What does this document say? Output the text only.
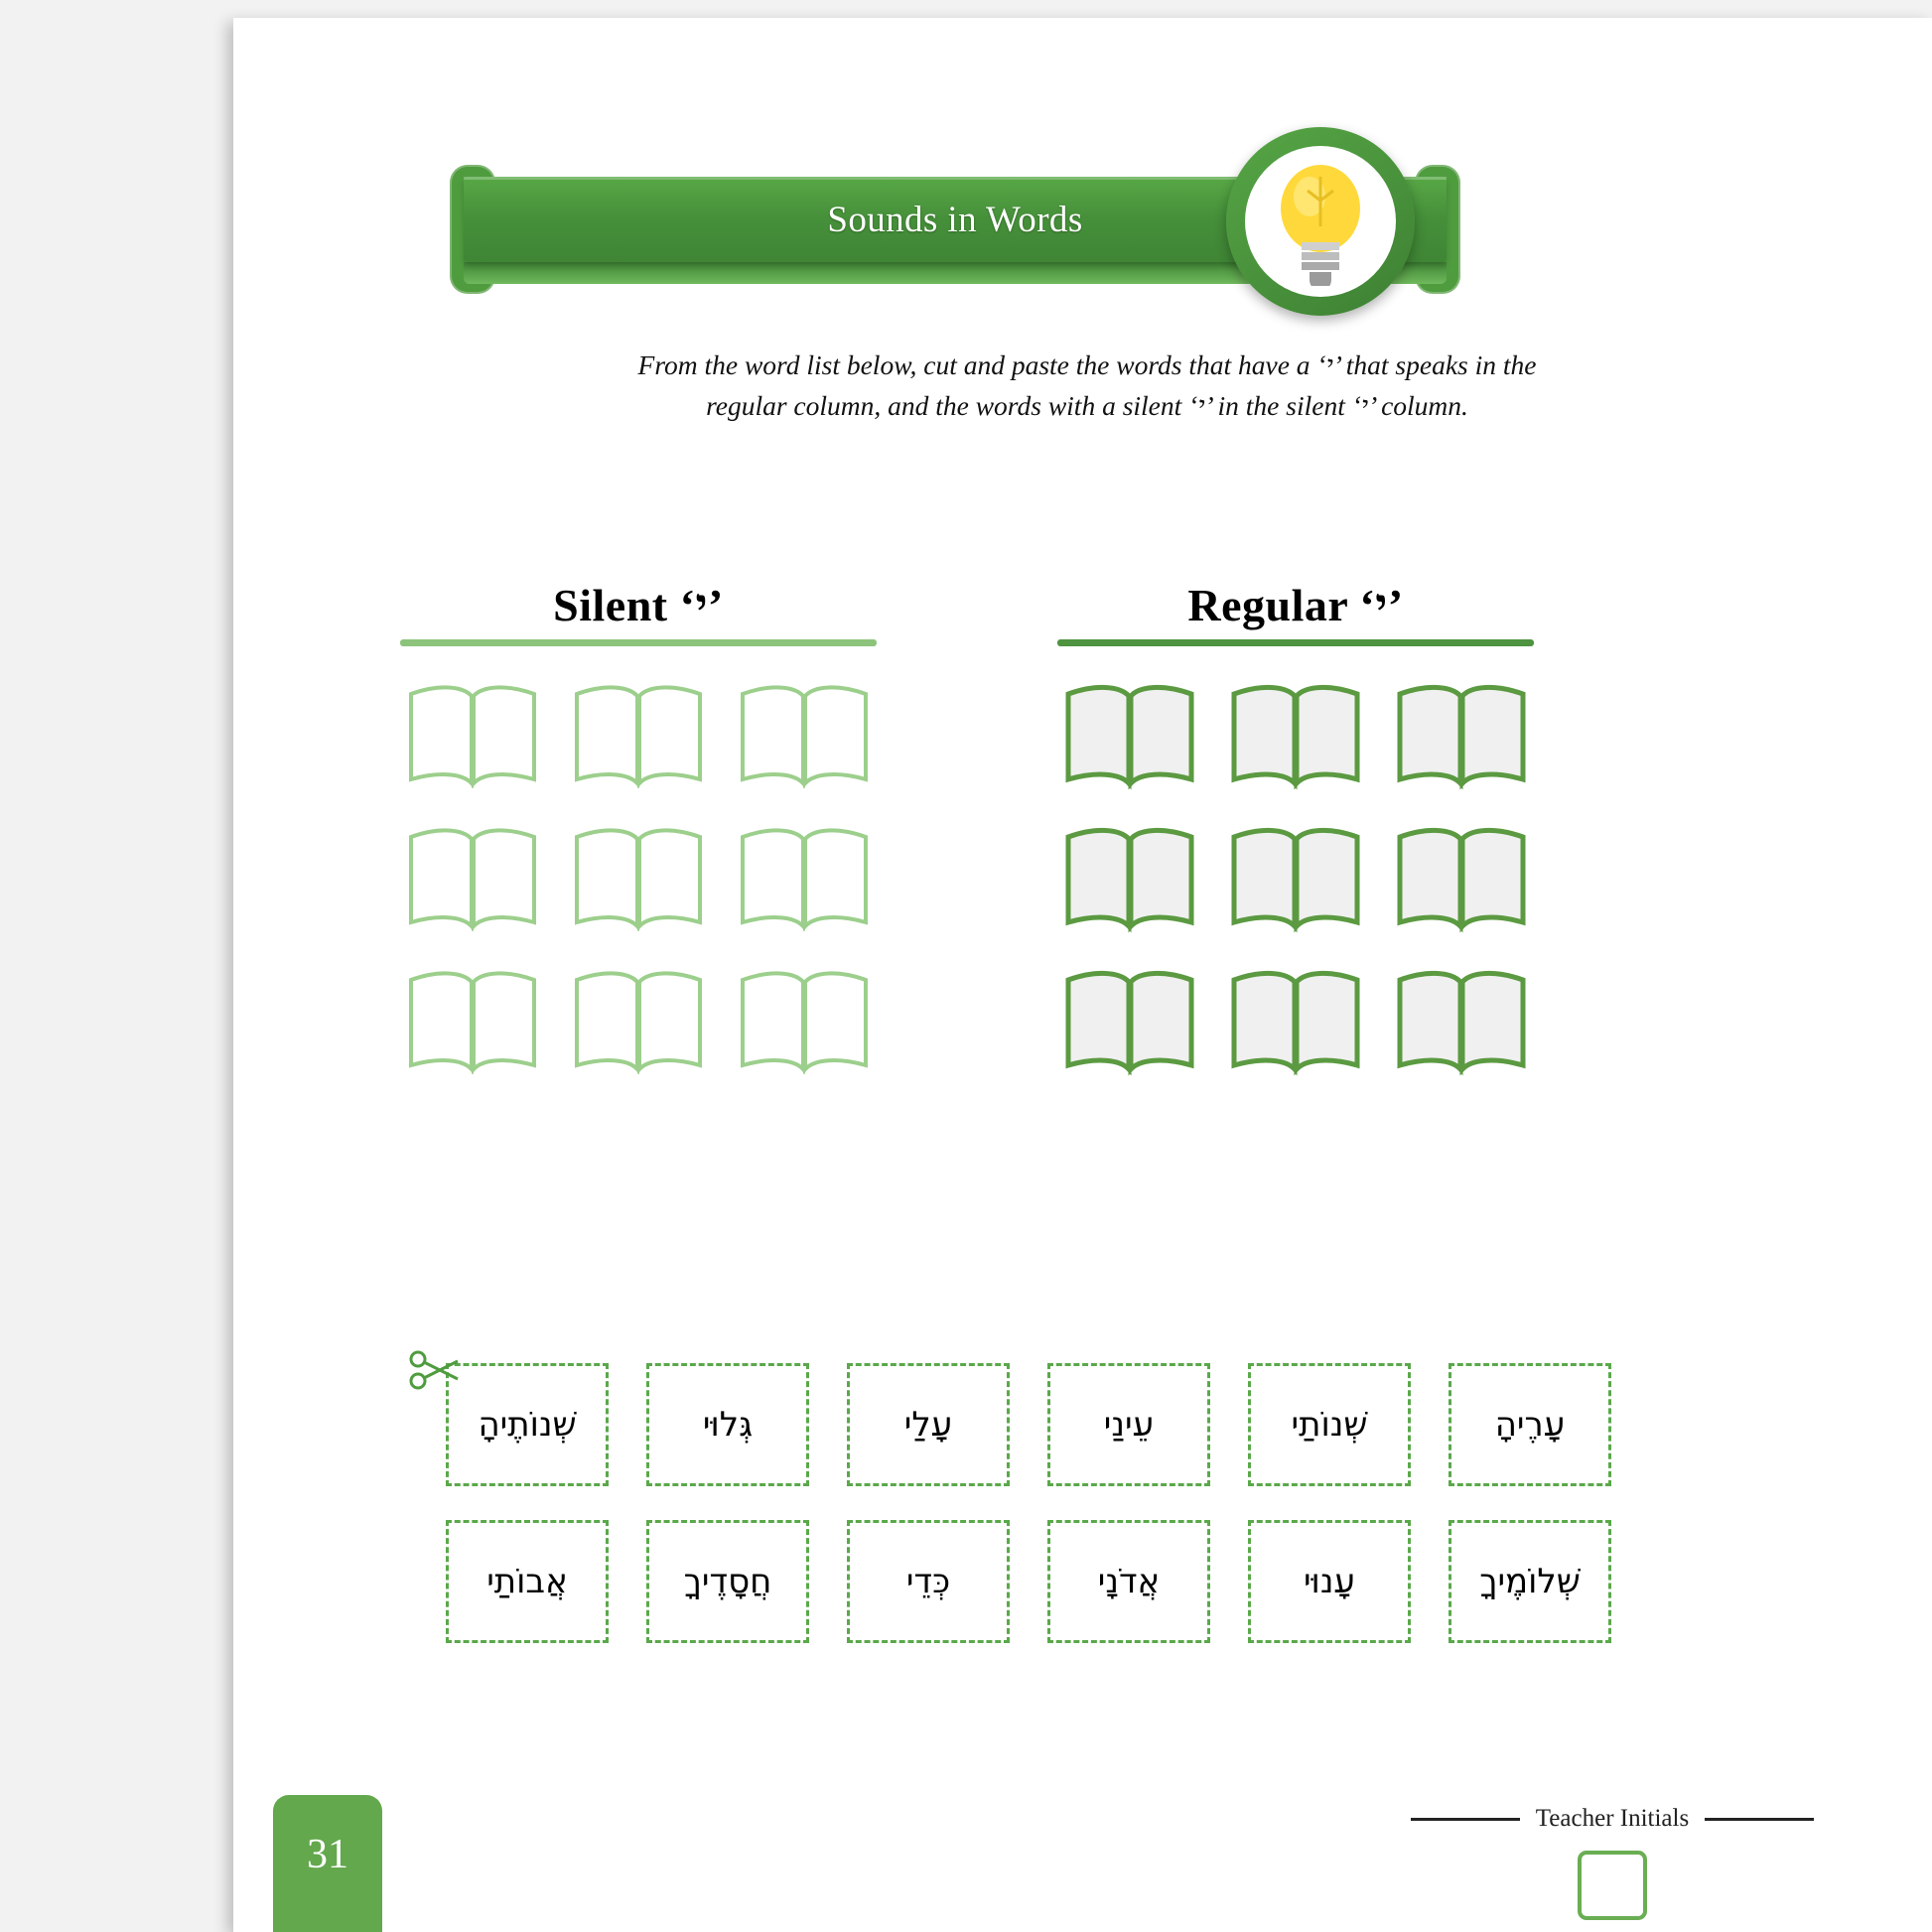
Sounds in Words
From the word list below, cut and paste the words that have a ‘י’ that speaks in the
regular column, and the words with a silent ‘י’ in the silent ‘י’ column.
Silent ‘י’	Regular ‘י’
שְׁנוֹתֶיהָ	גְּלוּי	עָלַי	עֵינַי	שְׁנוֹתַי	עָרֶיהָ
אֲבוֹתַי	חֲסָדֶיךָ	כְּדֵי	אֲדֹנָי	עָנוּי	שְׁלוֹמֶיךָ
31
Teacher Initials
